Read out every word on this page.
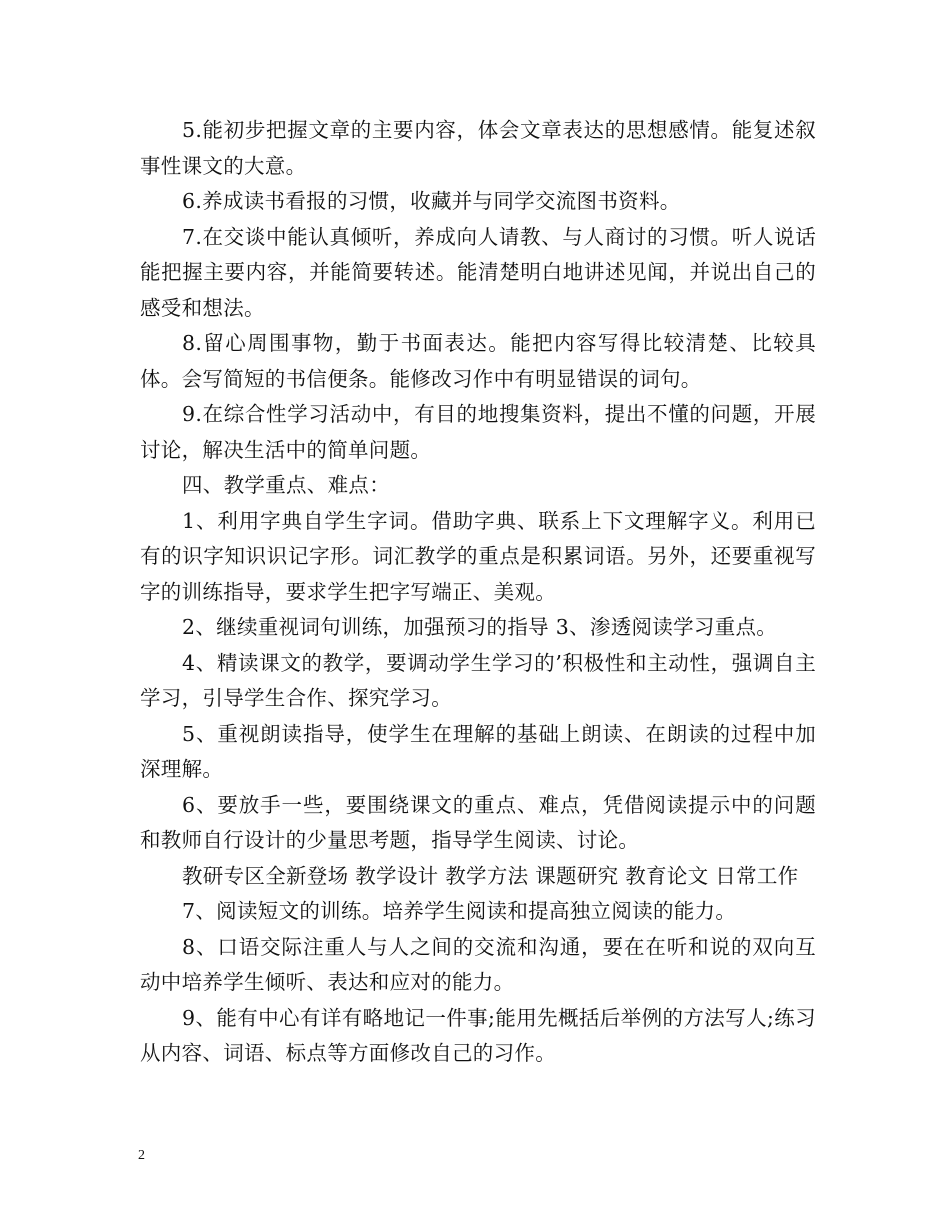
5.能初步把握文章的主要内容，体会文章表达的思想感情。能复述叙事性课文的大意。

6.养成读书看报的习惯，收藏并与同学交流图书资料。

7.在交谈中能认真倾听，养成向人请教、与人商讨的习惯。听人说话能把握主要内容，并能简要转述。能清楚明白地讲述见闻，并说出自己的感受和想法。

8.留心周围事物，勤于书面表达。能把内容写得比较清楚、比较具体。会写简短的书信便条。能修改习作中有明显错误的词句。

9.在综合性学习活动中，有目的地搜集资料，提出不懂的问题，开展讨论，解决生活中的简单问题。

四、教学重点、难点：

1、利用字典自学生字词。借助字典、联系上下文理解字义。利用已有的识字知识识记字形。词汇教学的重点是积累词语。另外，还要重视写字的训练指导，要求学生把字写端正、美观。

2、继续重视词句训练，加强预习的指导 3、渗透阅读学习重点。

4、精读课文的教学，要调动学生学习的’积极性和主动性，强调自主学习，引导学生合作、探究学习。

5、重视朗读指导，使学生在理解的基础上朗读、在朗读的过程中加深理解。

6、要放手一些，要围绕课文的重点、难点，凭借阅读提示中的问题和教师自行设计的少量思考题，指导学生阅读、讨论。

教研专区全新登场 教学设计 教学方法 课题研究 教育论文 日常工作

7、阅读短文的训练。培养学生阅读和提高独立阅读的能力。

8、口语交际注重人与人之间的交流和沟通，要在在听和说的双向互动中培养学生倾听、表达和应对的能力。

9、能有中心有详有略地记一件事;能用先概括后举例的方法写人;练习从内容、词语、标点等方面修改自己的习作。

2
